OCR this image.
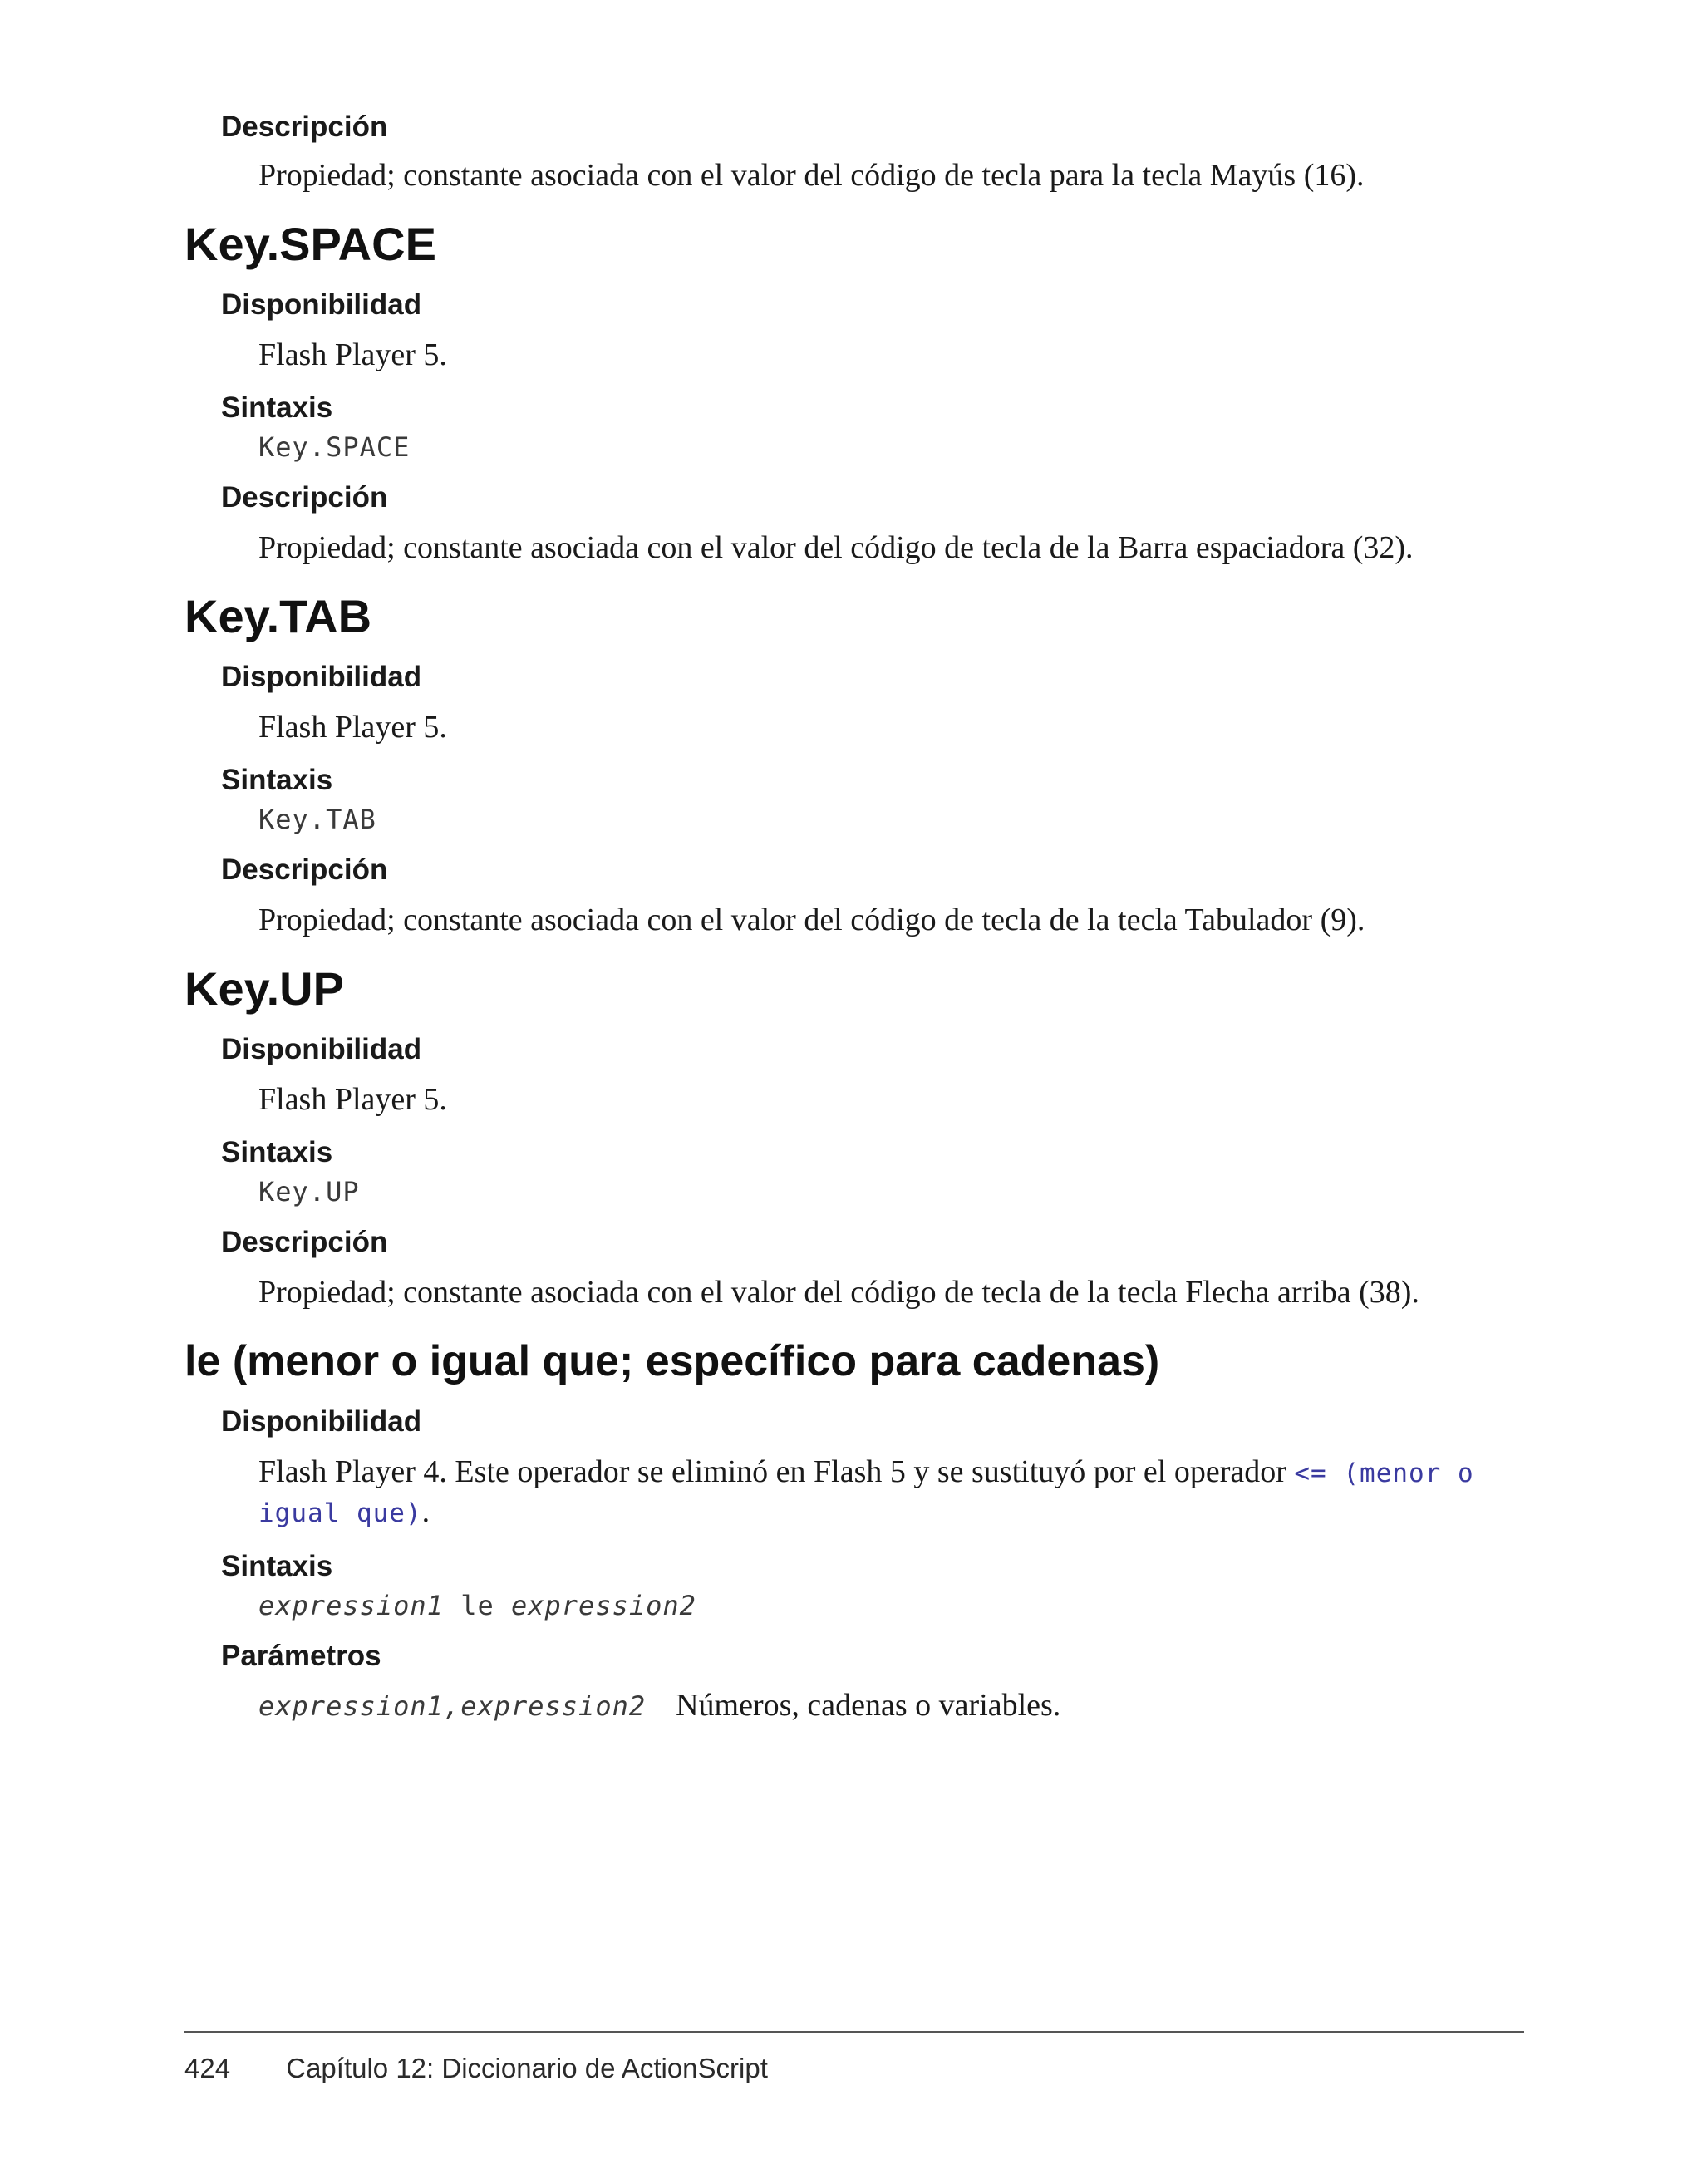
Descripción
Propiedad; constante asociada con el valor del código de tecla para la tecla Mayús (16).
Key.SPACE
Disponibilidad
Flash Player 5.
Sintaxis
Key.SPACE
Descripción
Propiedad; constante asociada con el valor del código de tecla de la Barra espaciadora (32).
Key.TAB
Disponibilidad
Flash Player 5.
Sintaxis
Key.TAB
Descripción
Propiedad; constante asociada con el valor del código de tecla de la tecla Tabulador (9).
Key.UP
Disponibilidad
Flash Player 5.
Sintaxis
Key.UP
Descripción
Propiedad; constante asociada con el valor del código de tecla de la tecla Flecha arriba (38).
le (menor o igual que; específico para cadenas)
Disponibilidad
Flash Player 4. Este operador se eliminó en Flash 5 y se sustituyó por el operador <= (menor o
igual que).
Sintaxis
expression1 le expression2
Parámetros
expression1,expression2 Números, cadenas o variables.
424 Capítulo 12: Diccionario de ActionScript
